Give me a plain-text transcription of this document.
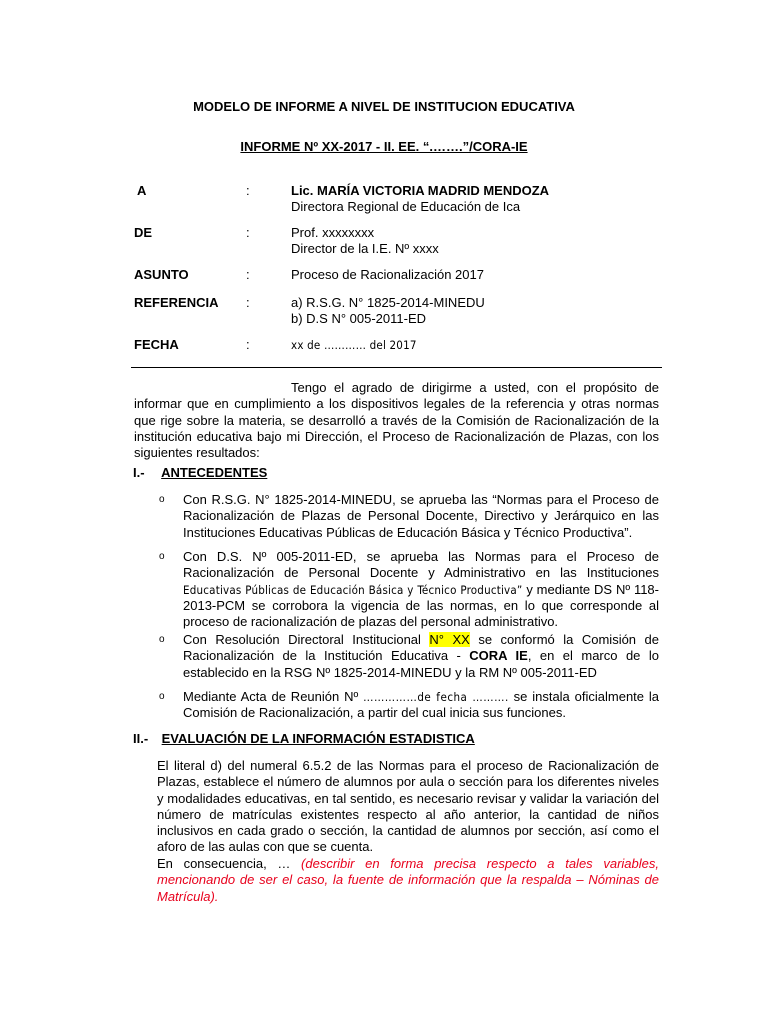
MODELO DE INFORME A NIVEL DE INSTITUCION EDUCATIVA
INFORME Nº XX-2017 - II. EE. “.…….”/CORA-IE
A	:	Lic. MARÍA VICTORIA MADRID MENDOZA
Directora Regional de Educación de Ica
DE	:	Prof. xxxxxxxx
Director de la I.E. Nº xxxx
ASUNTO	:	Proceso de Racionalización 2017
REFERENCIA :	a) R.S.G. N° 1825-2014-MINEDU
b) D.S N° 005-2011-ED
FECHA	:	xx de ………… del 2017
Tengo el agrado de dirigirme a usted, con el propósito de informar que en cumplimiento a los dispositivos legales de la referencia y otras normas que rige sobre la materia, se desarrolló a través de la Comisión de Racionalización de la institución educativa bajo mi Dirección, el Proceso de Racionalización de Plazas, con los siguientes resultados:
I.- ANTECEDENTES
o Con R.S.G. N° 1825-2014-MINEDU, se aprueba las “Normas para el Proceso de Racionalización de Plazas de Personal Docente, Directivo y Jerárquico en las Instituciones Educativas Públicas de Educación Básica y Técnico Productiva”.
o Con D.S. Nº 005-2011-ED, se aprueba las Normas para el Proceso de Racionalización de Personal Docente y Administrativo en las Instituciones Educativas Públicas de Educación Básica y Técnico Productiva” y mediante DS Nº 118-2013-PCM se corrobora la vigencia de las normas, en lo que corresponde al proceso de racionalización de plazas del personal administrativo.
o Con Resolución Directoral Institucional N° XX se conformó la Comisión de Racionalización de la Institución Educativa - CORA IE, en el marco de lo establecido en la RSG Nº 1825-2014-MINEDU y la RM Nº 005-2011-ED
o Mediante Acta de Reunión Nº ……………de fecha ………. se instala oficialmente la Comisión de Racionalización, a partir del cual inicia sus funciones.
II.- EVALUACIÓN DE LA INFORMACIÓN ESTADISTICA
El literal d) del numeral 6.5.2 de las Normas para el proceso de Racionalización de Plazas, establece el número de alumnos por aula o sección para los diferentes niveles y modalidades educativas, en tal sentido, es necesario revisar y validar la variación del número de matrículas existentes respecto al año anterior, la cantidad de niños inclusivos en cada grado o sección, la cantidad de alumnos por sección, así como el aforo de las aulas con que se cuenta.
En consecuencia, … (describir en forma precisa respecto a tales variables, mencionando de ser el caso, la fuente de información que la respalda – Nóminas de Matrícula).
